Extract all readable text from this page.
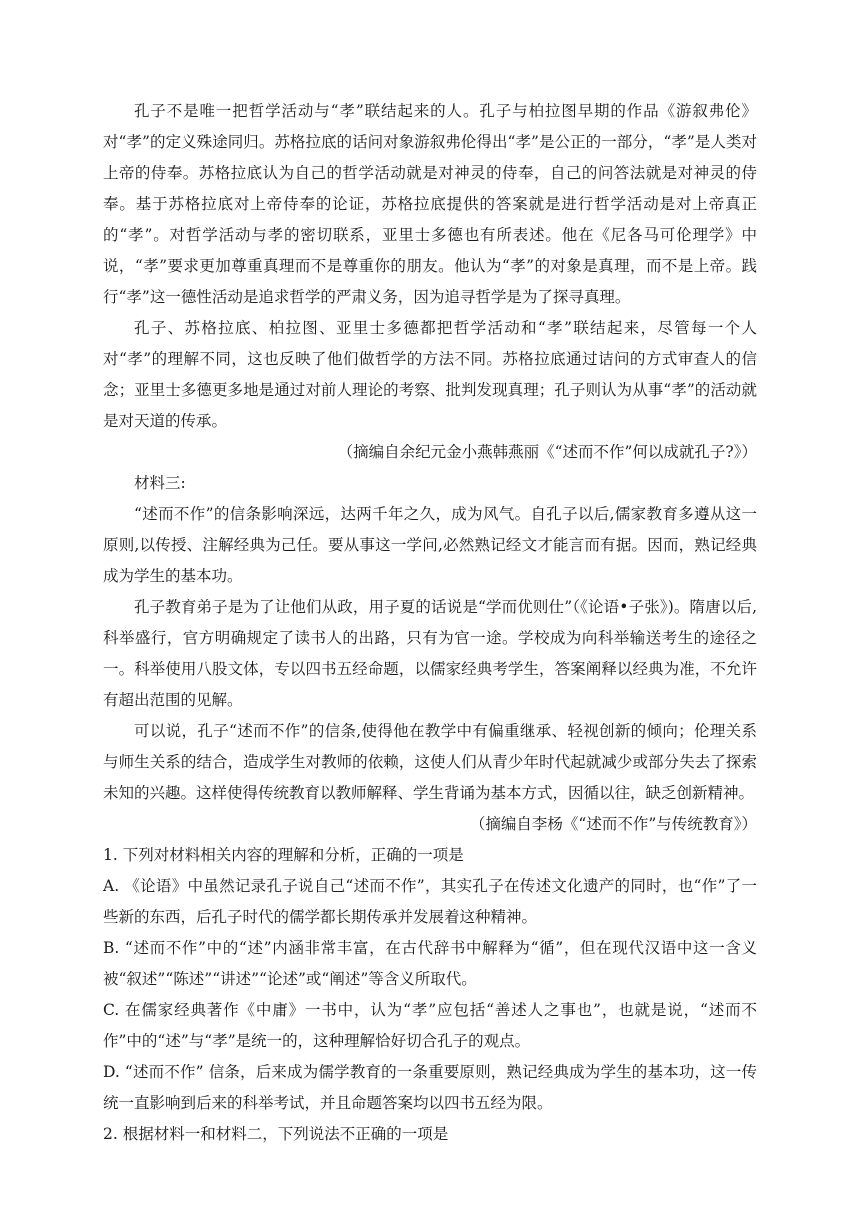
孔子不是唯一把哲学活动与“孝”联结起来的人。孔子与柏拉图早期的作品《游叙弗伦》对“孝”的定义殊途同归。苏格拉底的话问对象游叙弗伦得出“孝”是公正的一部分，“孝”是人类对上帝的侍奉。苏格拉底认为自己的哲学活动就是对神灵的侍奉，自己的问答法就是对神灵的侍奉。基于苏格拉底对上帝侍奉的论证，苏格拉底提供的答案就是进行哲学活动是对上帝真正的“孝”。对哲学活动与孝的密切联系，亚里士多德也有所表述。他在《尼各马可伦理学》中说，“孝”要求更加尊重真理而不是尊重你的朋友。他认为“孝”的对象是真理，而不是上帝。践行“孝”这一德性活动是追求哲学的严肃义务，因为追寻哲学是为了探寻真理。

孔子、苏格拉底、柏拉图、亚里士多德都把哲学活动和“孝”联结起来，尽管每一个人对“孝”的理解不同，这也反映了他们做哲学的方法不同。苏格拉底通过诘问的方式审查人的信念；亚里士多德更多地是通过对前人理论的考察、批判发现真理；孔子则认为从事“孝”的活动就是对天道的传承。

（摘编自余纪元金小燕韩燕丽《“述而不作”何以成就孔子?》）

材料三:

“述而不作”的信条影响深远，达两千年之久，成为风气。自孔子以后,儒家教育多遵从这一原则,以传授、注解经典为己任。要从事这一学问,必然熟记经文才能言而有据。因而，熟记经典成为学生的基本功。

孔子教育弟子是为了让他们从政，用子夏的话说是“学而优则仕”（《论语•子张》)。隋唐以后,科举盛行，官方明确规定了读书人的出路，只有为官一途。学校成为向科举输送考生的途径之一。科举使用八股文体，专以四书五经命题，以儒家经典考学生，答案阐释以经典为准，不允许有超出范围的见解。

可以说，孔子“述而不作”的信条,使得他在教学中有偏重继承、轻视创新的倾向；伦理关系与师生关系的结合，造成学生对教师的依赖，这使人们从青少年时代起就减少或部分失去了探索未知的兴趣。这样使得传统教育以教师解释、学生背诵为基本方式，因循以往，缺乏创新精神。

（摘编自李杨《“述而不作”与传统教育》）

1. 下列对材料相关内容的理解和分析，正确的一项是

A. 《论语》中虽然记录孔子说自己“述而不作”，其实孔子在传述文化遗产的同时，也“作”了一些新的东西，后孔子时代的儒学都长期传承并发展着这种精神。

B. “述而不作”中的“述”内涵非常丰富，在古代辞书中解释为“循”，但在现代汉语中这一含义被“叙述”“陈述”“讲述”“论述”或“阐述”等含义所取代。

C. 在儒家经典著作《中庸》一书中，认为“孝”应包括“善述人之事也”，也就是说，“述而不作”中的“述”与“孝”是统一的，这种理解恰好切合孔子的观点。

D. “述而不作” 信条，后来成为儒学教育的一条重要原则，熟记经典成为学生的基本功，这一传统一直影响到后来的科举考试，并且命题答案均以四书五经为限。

2. 根据材料一和材料二，下列说法不正确的一项是
